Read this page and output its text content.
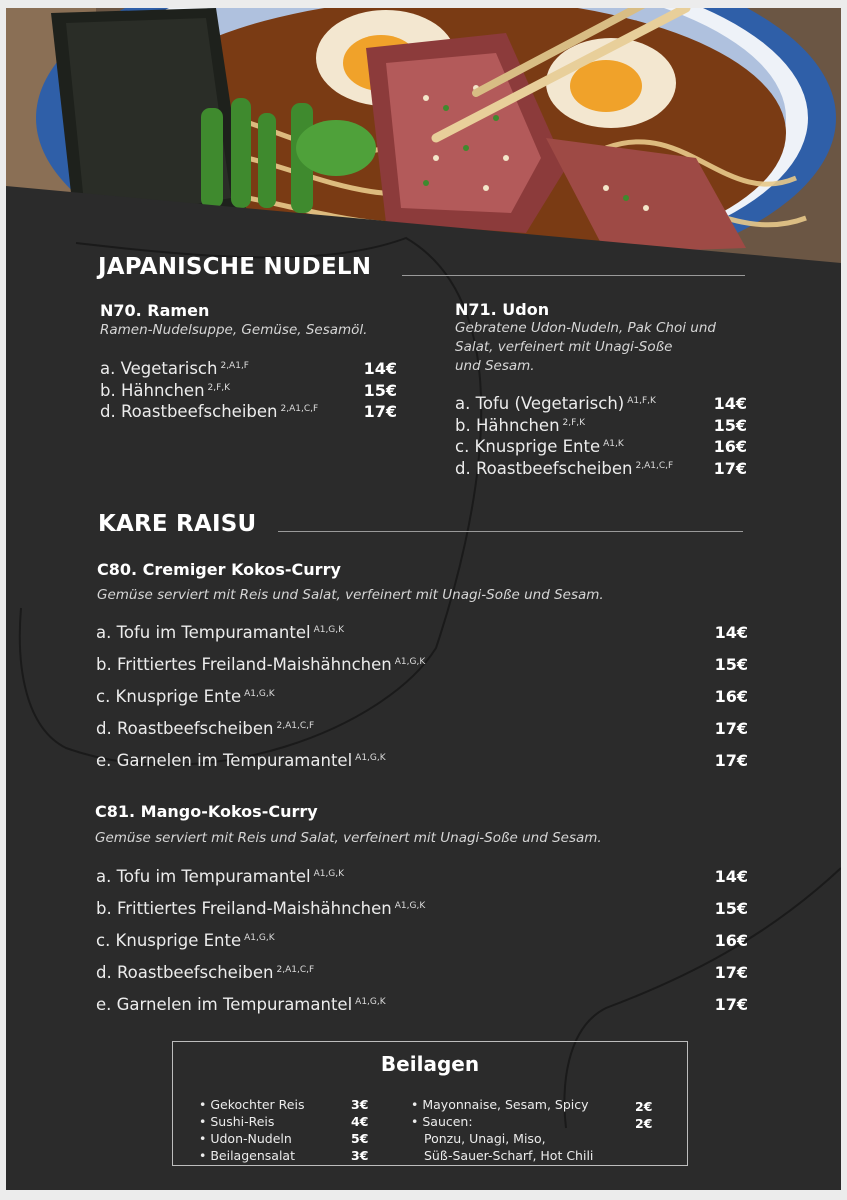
JAPANISCHE NUDELN
N70. Ramen
Ramen-Nudelsuppe, Gemüse, Sesamöl.
a. Vegetarisch $^{2,A1,F}$	14€
b. Hähnchen $^{2,F,K}$	15€
d. Roastbeefscheiben $^{2,A1,C,F}$	17€
N71. Udon
Gebratene Udon-Nudeln, Pak Choi und
Salat, verfeinert mit Unagi-Soße
und Sesam.
a. Tofu (Vegetarisch) $^{A1,F,K}$	14€
b. Hähnchen $^{2,F,K}$	15€
c. Knusprige Ente $^{A1,K}$	16€
d. Roastbeefscheiben $^{2,A1,C,F}$	17€
KARE RAISU
C80. Cremiger Kokos-Curry
Gemüse serviert mit Reis und Salat, verfeinert mit Unagi-Soße und Sesam.
a. Tofu im Tempuramantel $^{A1,G,K}$	14€
b. Frittiertes Freiland-Maishähnchen $^{A1,G,K}$	15€
c. Knusprige Ente $^{A1,G,K}$	16€
d. Roastbeefscheiben $^{2,A1,C,F}$	17€
e. Garnelen im Tempuramantel $^{A1,G,K}$	17€
C81. Mango-Kokos-Curry
Gemüse serviert mit Reis und Salat, verfeinert mit Unagi-Soße und Sesam.
a. Tofu im Tempuramantel $^{A1,G,K}$	14€
b. Frittiertes Freiland-Maishähnchen $^{A1,G,K}$	15€
c. Knusprige Ente $^{A1,G,K}$	16€
d. Roastbeefscheiben $^{2,A1,C,F}$	17€
e. Garnelen im Tempuramantel $^{A1,G,K}$	17€
Beilagen
• Gekochter Reis	3€
• Sushi-Reis	4€
• Udon-Nudeln	5€
• Beilagensalat	3€
• Mayonnaise, Sesam, Spicy	2€
• Saucen:	2€
Ponzu, Unagi, Miso,
Süß-Sauer-Scharf, Hot Chili
